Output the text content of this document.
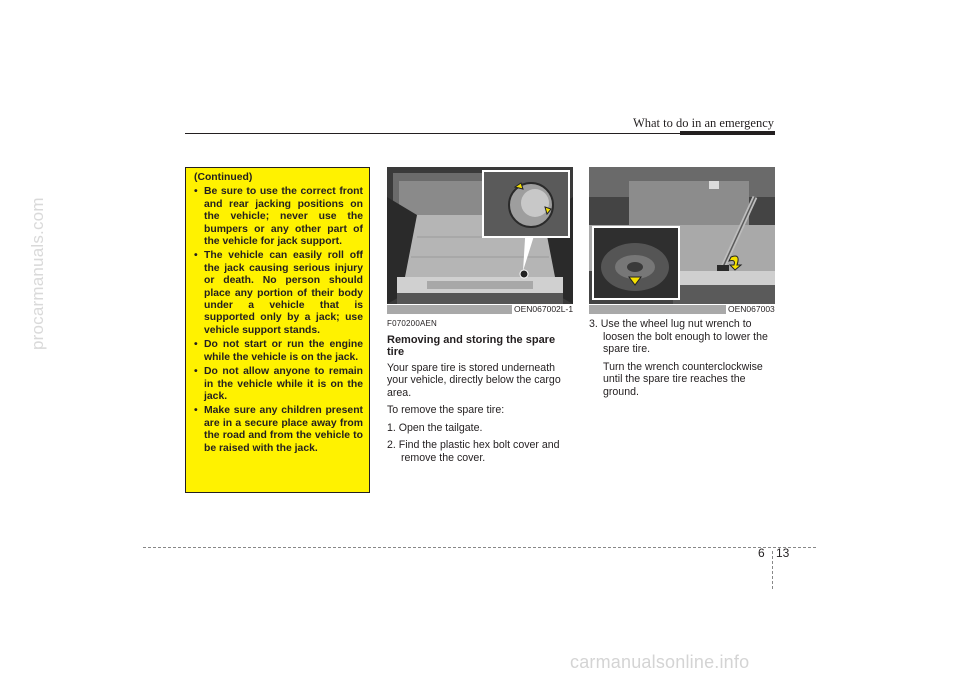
procarmanuals.com
What to do in an emergency
(Continued)
• Be sure to use the correct front and rear jacking positions on the vehicle; never use the bumpers or any other part of the vehicle for jack support.
• The vehicle can easily roll off the jack causing serious injury or death. No person should place any portion of their body under a vehicle that is supported only by a jack; use vehicle support stands.
• Do not start or run the engine while the vehicle is on the jack.
• Do not allow anyone to remain in the vehicle while it is on the jack.
• Make sure any children present are in a secure place away from the road and from the vehicle to be raised with the jack.
OEN067002L-1	OEN067003
F070200AEN
Removing and storing the spare tire
Your spare tire is stored underneath your vehicle, directly below the cargo area.
To remove the spare tire:
1. Open the tailgate.
2. Find the plastic hex bolt cover and remove the cover.
3. Use the wheel lug nut wrench to loosen the bolt enough to lower the spare tire.
Turn the wrench counterclockwise until the spare tire reaches the ground.
6 13
carmanualsonline.info
